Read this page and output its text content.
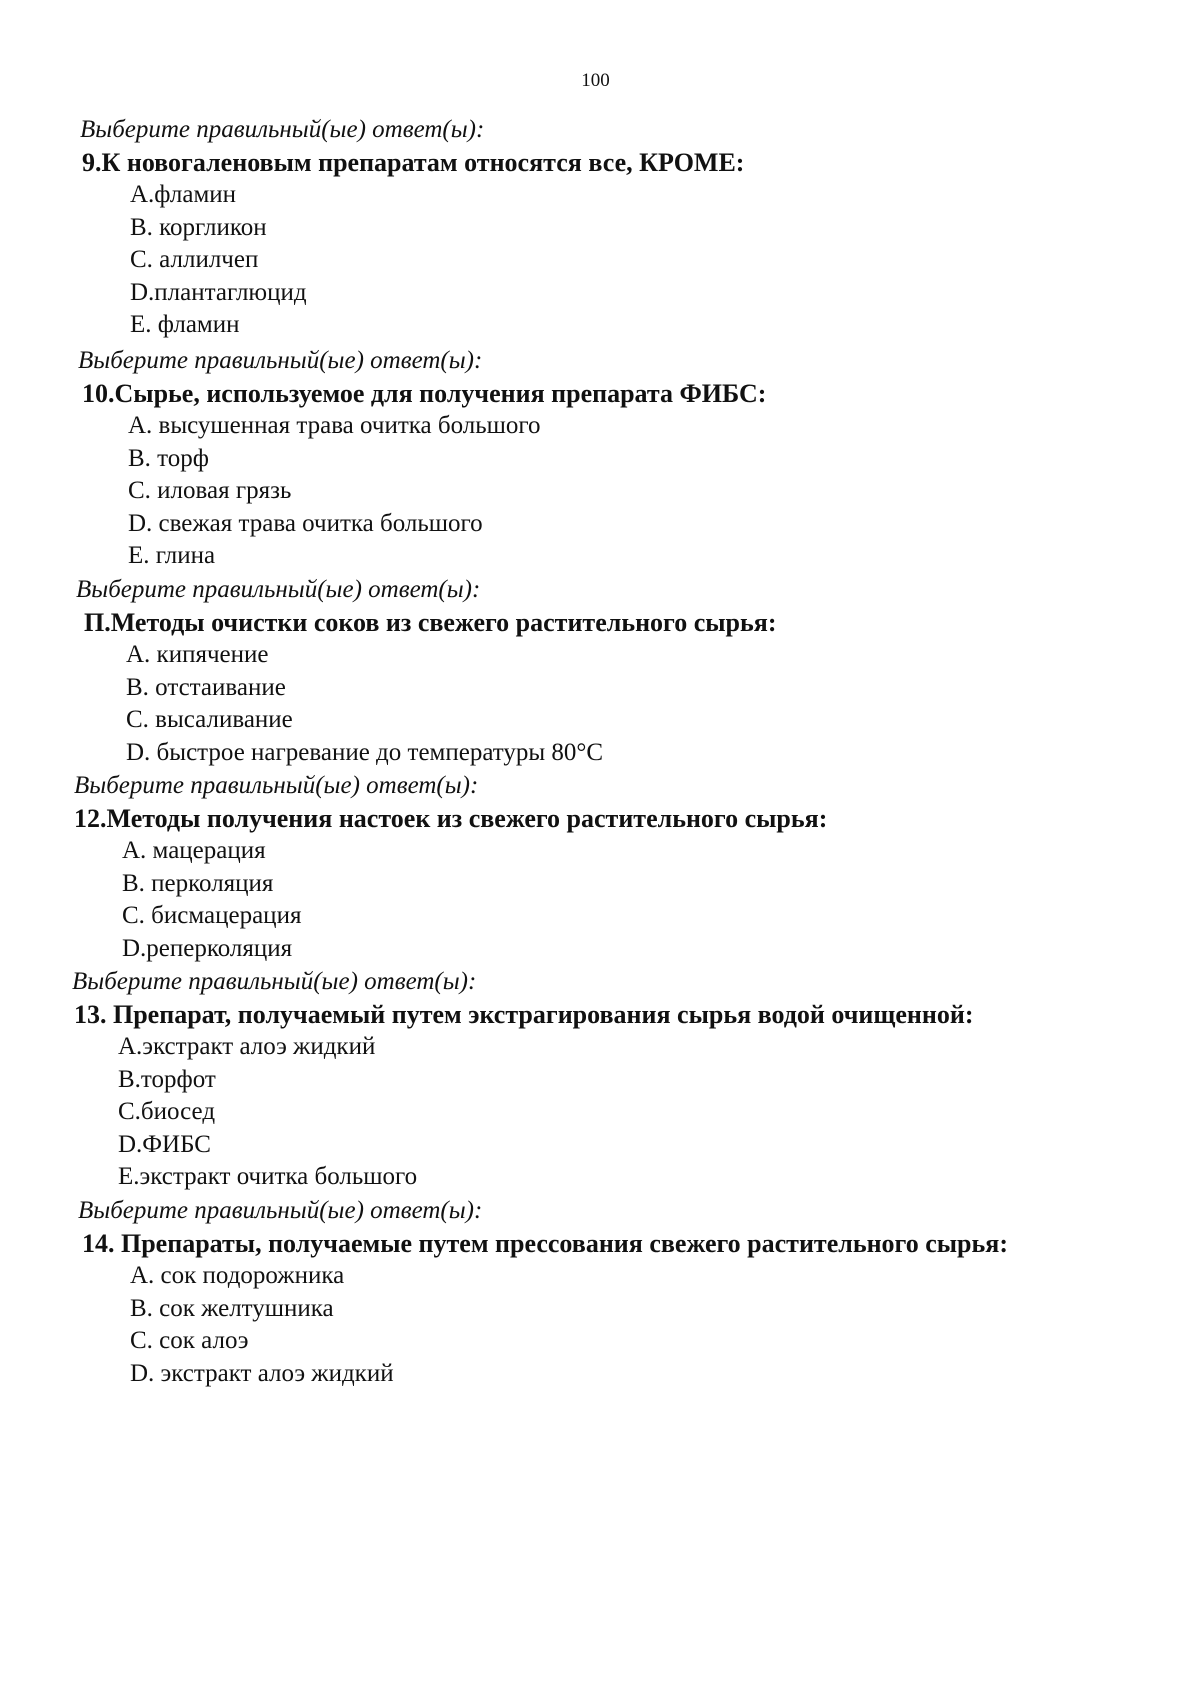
100
Выберите правильный(ые) ответ(ы):
9.К новогаленовым препаратам относятся все, КРОМЕ:
А.фламин
В. коргликон
С. аллилчеп
D.плантаглюцид
Е. фламин
Выберите правильный(ые) ответ(ы):
10.Сырье, используемое для получения препарата ФИБС:
А. высушенная трава очитка большого
В. торф
С. иловая грязь
D. свежая трава очитка большого
Е. глина
Выберите правильный(ые) ответ(ы):
П.Методы очистки соков из свежего растительного сырья:
А. кипячение
В. отстаивание
С. высаливание
D. быстрое нагревание до температуры 80°С
Выберите правильный(ые) ответ(ы):
12.Методы получения настоек из свежего растительного сырья:
А. мацерация
В. перколяция
С. бисмацерация
D.реперколяция
Выберите правильный(ые) ответ(ы):
13. Препарат, получаемый путем экстрагирования сырья водой очищенной:
А.экстракт алоэ жидкий
В.торфот
С.биосед
D.ФИБС
Е.экстракт очитка большого
Выберите правильный(ые) ответ(ы):
14. Препараты, получаемые путем прессования свежего растительного сырья:
А. сок подорожника
В. сок желтушника
С. сок алоэ
D. экстракт алоэ жидкий
